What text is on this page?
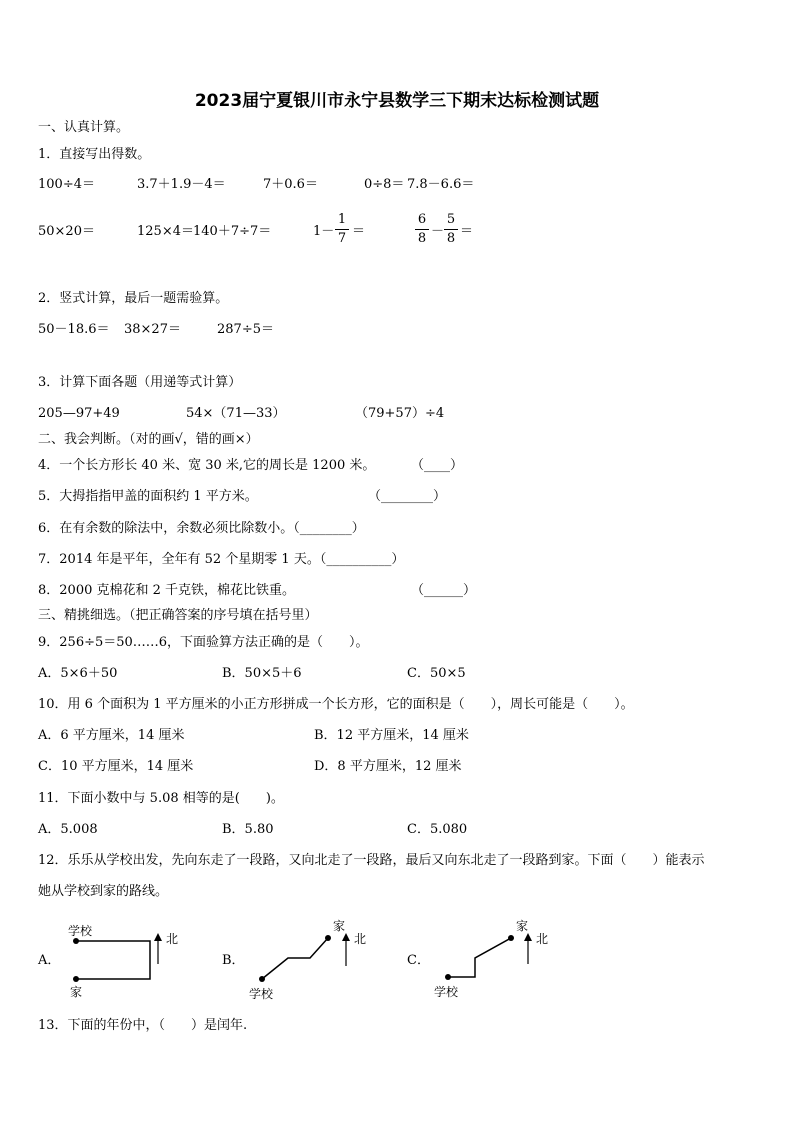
2023届宁夏银川市永宁县数学三下期末达标检测试题
一、认真计算。
1．直接写出得数。
100÷4＝	3.7＋1.9－4＝	7＋0.6＝	0÷8＝ 7.8－6.6＝
50×20＝	125×4＝ 140＋7÷7＝	1－
1
7 ＝
6
8 －
5
8 ＝
2．竖式计算，最后一题需验算。
50－18.6＝ 38×27＝	287÷5＝
3．计算下面各题（用递等式计算）
205—97+49	54×（71—33）	（79+57）÷4
二、我会判断。（对的画√，错的画×）
4．一个长方形长 40 米、宽 30 米,它的周长是 1200 米。	（____）
5．大拇指指甲盖的面积约 1 平方米。	（________）
6．在有余数的除法中，余数必须比除数小。（________）
7．2014 年是平年，全年有 52 个星期零 1 天。（__________）
8．2000 克棉花和 2 千克铁，棉花比铁重。	（______）
三、精挑细选。（把正确答案的序号填在括号里）
9．256÷5＝50……6，下面验算方法正确的是（　　）。
A．5×6＋50	B．50×5＋6	C．50×5
10．用 6 个面积为 1 平方厘米的小正方形拼成一个长方形，它的面积是（　　），周长可能是（　　）。
A．6 平方厘米，14 厘米	B．12 平方厘米，14 厘米
C．10 平方厘米，14 厘米	D．8 平方厘米，12 厘米
11．下面小数中与 5.08 相等的是(　　)。
A．5.008	B．5.80	C．5.080
12．乐乐从学校出发，先向东走了一段路，又向北走了一段路，最后又向东北走了一段路到家。下面（　　）能表示
她从学校到家的路线。
A．
学校
家
北
B．
家
学校
北
C．
家
学校
北
13．下面的年份中，（　　）是闰年.
